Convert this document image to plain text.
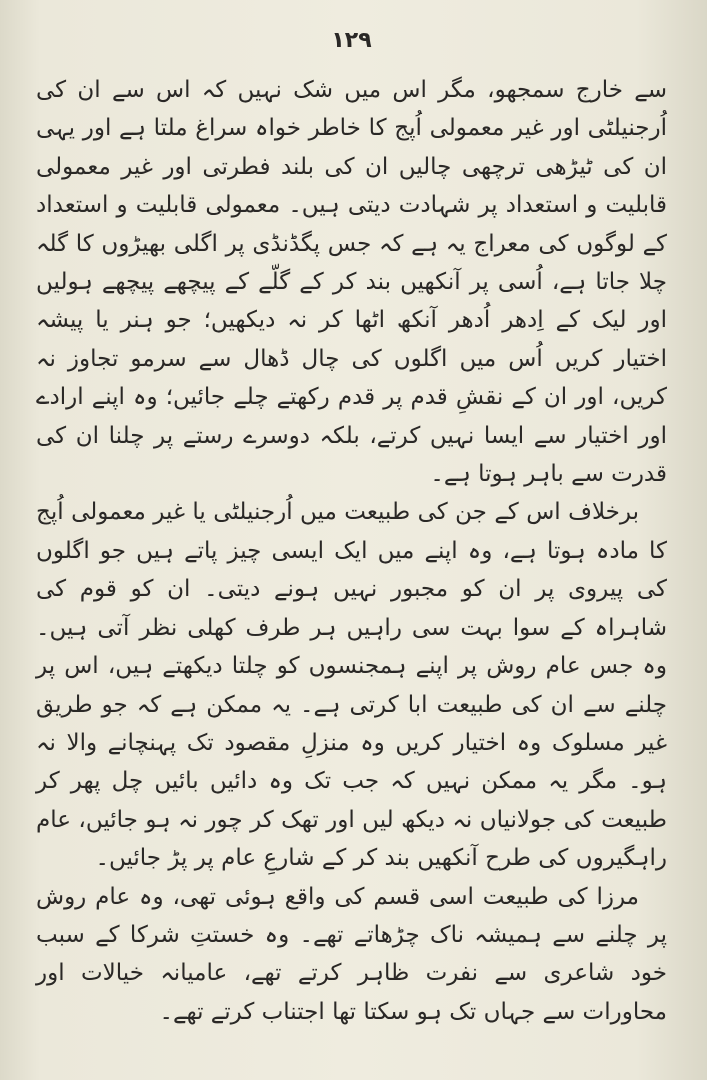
۱۲۹

سے خارج سمجھو، مگر اس میں شک نہیں کہ اس سے ان کی اُرجنیلٹی اور غیر معمولی اُپج کا خاطر خواہ سراغ ملتا ہے اور یہی ان کی ٹیڑھی ترچھی چالیں ان کی بلند فطرتی اور غیر معمولی قابلیت و استعداد پر شہادت دیتی ہیں۔ معمولی قابلیت و استعداد کے لوگوں کی معراج یہ ہے کہ جس پگڈنڈی پر اگلی بھیڑوں کا گلہ چلا جاتا ہے، اُسی پر آنکھیں بند کر کے گلّے کے پیچھے پیچھے ہولیں اور لیک کے اِدھر اُدھر آنکھ اٹھا کر نہ دیکھیں؛ جو ہنر یا پیشہ اختیار کریں اُس میں اگلوں کی چال ڈھال سے سرمو تجاوز نہ کریں، اور ان کے نقشِ قدم پر قدم رکھتے چلے جائیں؛ وہ اپنے ارادے اور اختیار سے ایسا نہیں کرتے، بلکہ دوسرے رستے پر چلنا ان کی قدرت سے باہر ہوتا ہے۔

برخلاف اس کے جن کی طبیعت میں اُرجنیلٹی یا غیر معمولی اُپج کا مادہ ہوتا ہے، وہ اپنے میں ایک ایسی چیز پاتے ہیں جو اگلوں کی پیروی پر ان کو مجبور نہیں ہونے دیتی۔ ان کو قوم کی شاہراہ کے سوا بہت سی راہیں ہر طرف کھلی نظر آتی ہیں۔ وہ جس عام روش پر اپنے ہمجنسوں کو چلتا دیکھتے ہیں، اس پر چلنے سے ان کی طبیعت ابا کرتی ہے۔ یہ ممکن ہے کہ جو طریق غیر مسلوک وہ اختیار کریں وہ منزلِ مقصود تک پہنچانے والا نہ ہو۔ مگر یہ ممکن نہیں کہ جب تک وہ دائیں بائیں چل پھر کر طبیعت کی جولانیاں نہ دیکھ لیں اور تھک کر چور نہ ہو جائیں، عام راہگیروں کی طرح آنکھیں بند کر کے شارعِ عام پر پڑ جائیں۔

مرزا کی طبیعت اسی قسم کی واقع ہوئی تھی، وہ عام روش پر چلنے سے ہمیشہ ناک چڑھاتے تھے۔ وہ خستتِ شرکا کے سبب خود شاعری سے نفرت ظاہر کرتے تھے، عامیانہ خیالات اور محاورات سے جہاں تک ہو سکتا تھا اجتناب کرتے تھے۔
